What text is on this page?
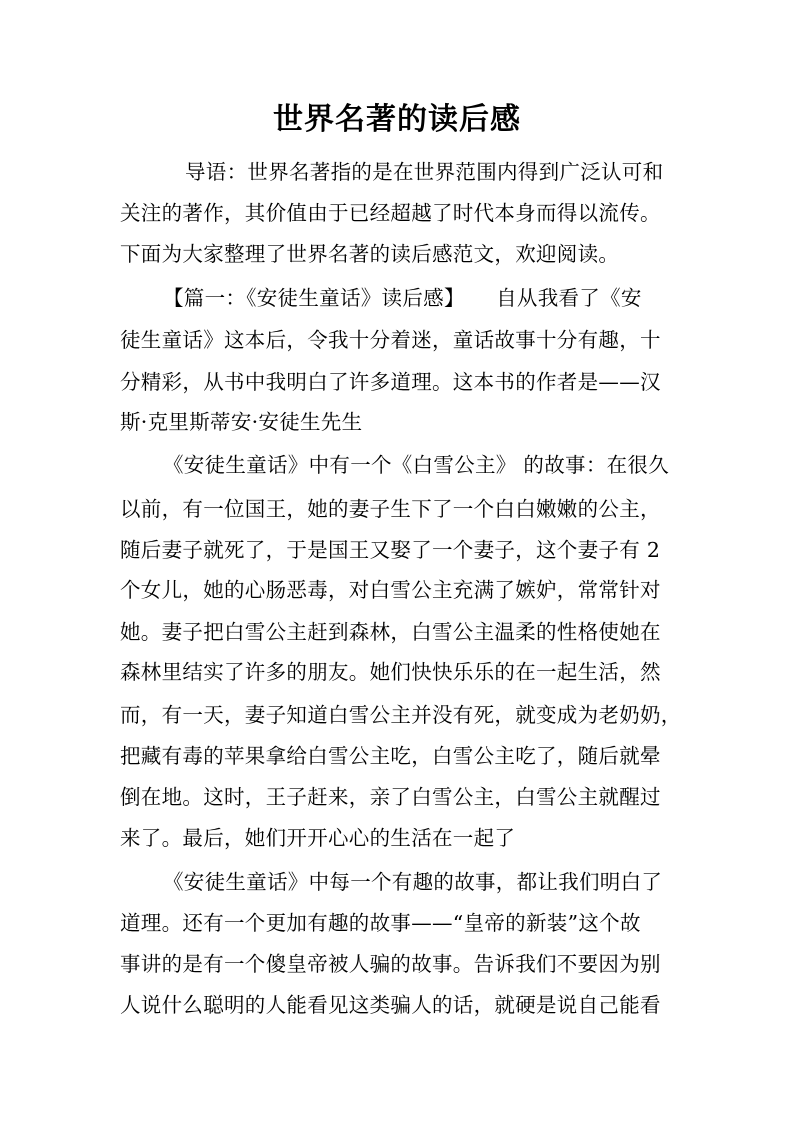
世界名著的读后感
导语：世界名著指的是在世界范围内得到广泛认可和
关注的著作，其价值由于已经超越了时代本身而得以流传。
下面为大家整理了世界名著的读后感范文，欢迎阅读。
【篇一：《安徒生童话》读后感】　　自从我看了《安
徒生童话》这本后，令我十分着迷，童话故事十分有趣，十
分精彩，从书中我明白了许多道理。这本书的作者是——汉
斯·克里斯蒂安·安徒生先生
《安徒生童话》中有一个《白雪公主》 的故事：在很久
以前，有一位国王，她的妻子生下了一个白白嫩嫩的公主，
随后妻子就死了，于是国王又娶了一个妻子，这个妻子有 2
个女儿，她的心肠恶毒，对白雪公主充满了嫉妒，常常针对
她。妻子把白雪公主赶到森林，白雪公主温柔的性格使她在
森林里结实了许多的朋友。她们快快乐乐的在一起生活，然
而，有一天，妻子知道白雪公主并没有死，就变成为老奶奶，
把藏有毒的苹果拿给白雪公主吃，白雪公主吃了，随后就晕
倒在地。这时，王子赶来，亲了白雪公主，白雪公主就醒过
来了。最后，她们开开心心的生活在一起了
《安徒生童话》中每一个有趣的故事，都让我们明白了
道理。还有一个更加有趣的故事——“皇帝的新装”这个故
事讲的是有一个傻皇帝被人骗的故事。告诉我们不要因为别
人说什么聪明的人能看见这类骗人的话，就硬是说自己能看
